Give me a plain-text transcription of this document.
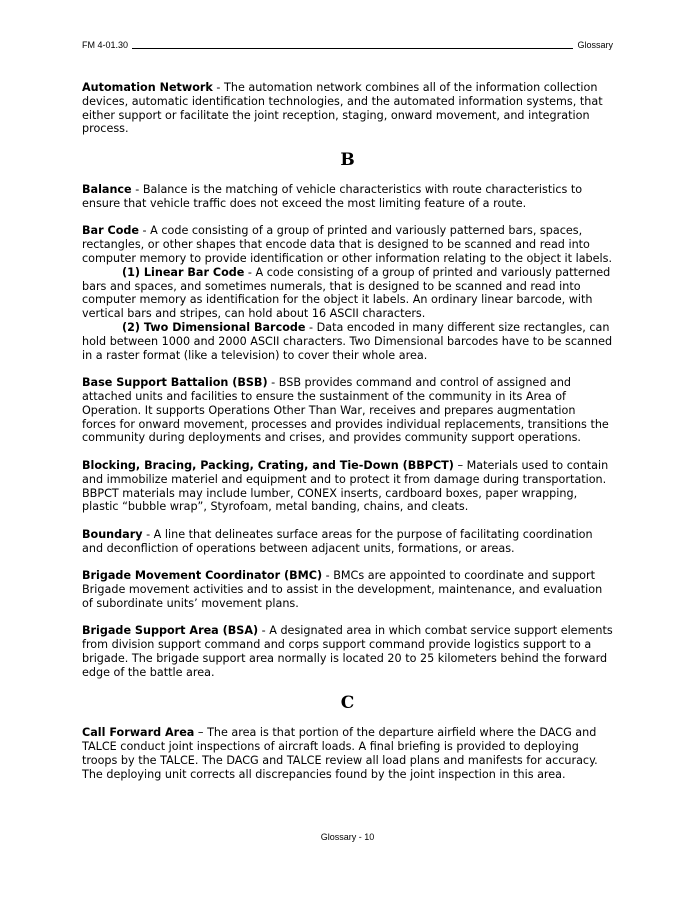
FM 4-01.30	Glossary
Automation Network - The automation network combines all of the information collection devices, automatic identification technologies, and the automated information systems, that either support or facilitate the joint reception, staging, onward movement, and integration process.
B
Balance - Balance is the matching of vehicle characteristics with route characteristics to ensure that vehicle traffic does not exceed the most limiting feature of a route.
Bar Code - A code consisting of a group of printed and variously patterned bars, spaces, rectangles, or other shapes that encode data that is designed to be scanned and read into computer memory to provide identification or other information relating to the object it labels.
(1) Linear Bar Code - A code consisting of a group of printed and variously patterned bars and spaces, and sometimes numerals, that is designed to be scanned and read into computer memory as identification for the object it labels. An ordinary linear barcode, with vertical bars and stripes, can hold about 16 ASCII characters.
(2) Two Dimensional Barcode - Data encoded in many different size rectangles, can hold between 1000 and 2000 ASCII characters. Two Dimensional barcodes have to be scanned in a raster format (like a television) to cover their whole area.
Base Support Battalion (BSB) - BSB provides command and control of assigned and attached units and facilities to ensure the sustainment of the community in its Area of Operation. It supports Operations Other Than War, receives and prepares augmentation forces for onward movement, processes and provides individual replacements, transitions the community during deployments and crises, and provides community support operations.
Blocking, Bracing, Packing, Crating, and Tie-Down (BBPCT) – Materials used to contain and immobilize materiel and equipment and to protect it from damage during transportation. BBPCT materials may include lumber, CONEX inserts, cardboard boxes, paper wrapping, plastic “bubble wrap”, Styrofoam, metal banding, chains, and cleats.
Boundary - A line that delineates surface areas for the purpose of facilitating coordination and deconfliction of operations between adjacent units, formations, or areas.
Brigade Movement Coordinator (BMC) - BMCs are appointed to coordinate and support Brigade movement activities and to assist in the development, maintenance, and evaluation of subordinate units’ movement plans.
Brigade Support Area (BSA) - A designated area in which combat service support elements from division support command and corps support command provide logistics support to a brigade. The brigade support area normally is located 20 to 25 kilometers behind the forward edge of the battle area.
C
Call Forward Area – The area is that portion of the departure airfield where the DACG and TALCE conduct joint inspections of aircraft loads. A final briefing is provided to deploying troops by the TALCE. The DACG and TALCE review all load plans and manifests for accuracy. The deploying unit corrects all discrepancies found by the joint inspection in this area.
Glossary - 10
